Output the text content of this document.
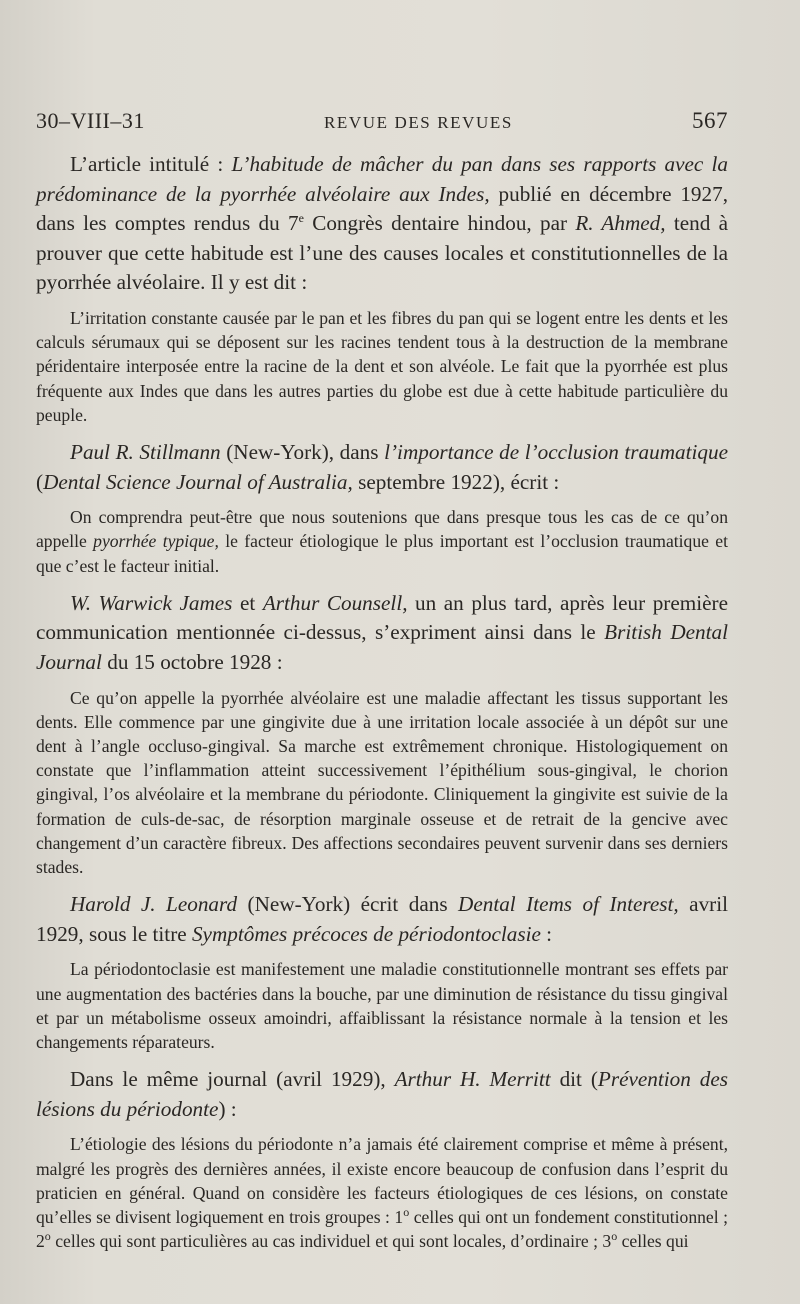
30–VIII–31	REVUE DES REVUES	567

L’article intitulé : L’habitude de mâcher du pan dans ses rapports avec la prédominance de la pyorrhée alvéolaire aux Indes, publié en décembre 1927, dans les comptes rendus du 7e Congrès dentaire hindou, par R. Ahmed, tend à prouver que cette habitude est l’une des causes locales et constitutionnelles de la pyorrhée alvéolaire. Il y est dit :

L’irritation constante causée par le pan et les fibres du pan qui se logent entre les dents et les calculs sérumaux qui se déposent sur les racines tendent tous à la destruction de la membrane péridentaire interposée entre la racine de la dent et son alvéole. Le fait que la pyorrhée est plus fréquente aux Indes que dans les autres parties du globe est due à cette habitude particulière du peuple.

Paul R. Stillmann (New-York), dans l’importance de l’occlusion traumatique (Dental Science Journal of Australia, septembre 1922), écrit :

On comprendra peut-être que nous soutenions que dans presque tous les cas de ce qu’on appelle pyorrhée typique, le facteur étiologique le plus important est l’occlusion traumatique et que c’est le facteur initial.

W. Warwick James et Arthur Counsell, un an plus tard, après leur première communication mentionnée ci-dessus, s’expriment ainsi dans le British Dental Journal du 15 octobre 1928 :

Ce qu’on appelle la pyorrhée alvéolaire est une maladie affectant les tissus supportant les dents. Elle commence par une gingivite due à une irritation locale associée à un dépôt sur une dent à l’angle occluso-gingival. Sa marche est extrêmement chronique. Histologiquement on constate que l’inflammation atteint successivement l’épithélium sous-gingival, le chorion gingival, l’os alvéolaire et la membrane du périodonte. Cliniquement la gingivite est suivie de la formation de culs-de-sac, de résorption marginale osseuse et de retrait de la gencive avec changement d’un caractère fibreux. Des affections secondaires peuvent survenir dans ses derniers stades.

Harold J. Leonard (New-York) écrit dans Dental Items of Interest, avril 1929, sous le titre Symptômes précoces de périodontoclasie :

La périodontoclasie est manifestement une maladie constitutionnelle montrant ses effets par une augmentation des bactéries dans la bouche, par une diminution de résistance du tissu gingival et par un métabolisme osseux amoindri, affaiblissant la résistance normale à la tension et les changements réparateurs.

Dans le même journal (avril 1929), Arthur H. Merritt dit (Prévention des lésions du périodonte) :

L’étiologie des lésions du périodonte n’a jamais été clairement comprise et même à présent, malgré les progrès des dernières années, il existe encore beaucoup de confusion dans l’esprit du praticien en général. Quand on considère les facteurs étiologiques de ces lésions, on constate qu’elles se divisent logiquement en trois groupes : 1$^o$ celles qui ont un fondement constitutionnel ; 2$^o$ celles qui sont particulières au cas individuel et qui sont locales, d’ordinaire ; 3$^o$ celles qui
